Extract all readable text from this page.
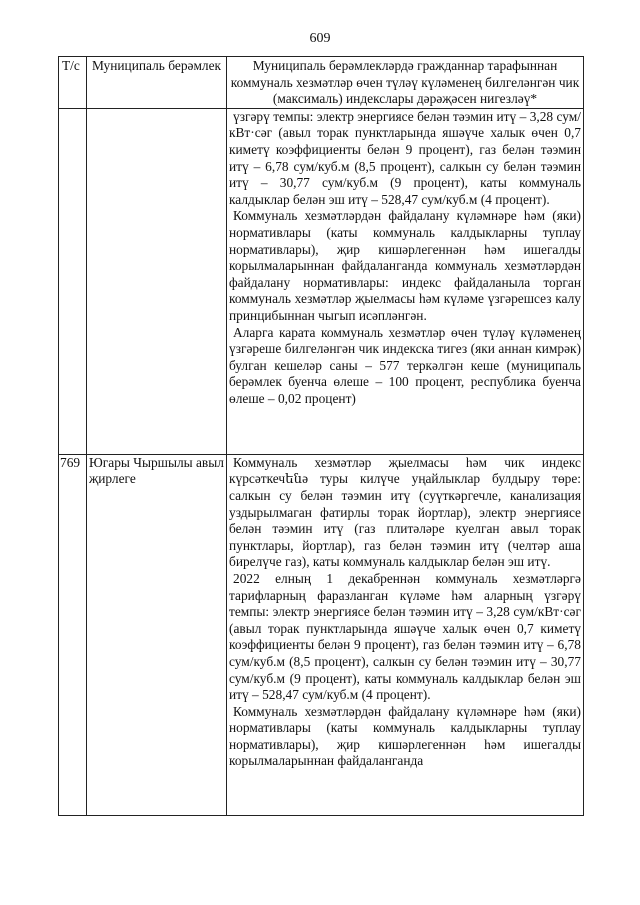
609
Т/с	Муниципаль берәмлек	Муниципаль берәмлекләрдә гражданнар тарафыннан коммуналь хезмәтләр өчен түләү күләменең билгеләнгән чик (максималь) индекслары дәрәҗәсен нигезләү*

		үзгәрү темпы: электр энергиясе белән тәэмин итү – 3,28 сум/кВт·сәг (авыл торак пунктларында яшәүче халык өчен 0,7 киметү коэффициенты белән 9 процент), газ белән тәэмин итү – 6,78 сум/куб.м (8,5 процент), салкын су белән тәэмин итү – 30,77 сум/куб.м (9 процент), каты коммуналь калдыклар белән эш итү – 528,47 сум/куб.м (4 процент).

Коммуналь хезмәтләрдән файдалану күләмнәре һәм (яки) нормативлары (каты коммуналь калдыкларны туплау нормативлары), җир кишәрлегеннән һәм ишегалды корылмаларыннан файдаланганда коммуналь хезмәтләрдән файдалану нормативлары: индекс файдаланыла торган коммуналь хезмәтләр җыелмасы һәм күләме үзгәрешсез калу принцибыннан чыгып исәпләнгән.

Аларга карата коммуналь хезмәтләр өчен түләү күләменең үзгәреше билгеләнгән чик индекска тигез (яки аннан кимрәк) булган кешеләр саны – 577 теркәлгән кеше (муниципаль берәмлек буенча өлеше – 100 процент, республика буенча өлеше – 0,02 процент)

769	Югары Чыршылы авыл җирлеге	Коммуналь хезмәтләр җыелмасы һәм чик индекс күрсәткечենә туры килүче уңайлыклар булдыру төре: салкын су белән тәэмин итү (суүткәргечле, канализация уздырылмаган фатирлы торак йортлар), электр энергиясе белән тәэмин итү (газ плитәләре куелган авыл торак пунктлары, йортлар), газ белән тәэмин итү (челтәр аша бирелүче газ), каты коммуналь калдыклар белән эш итү.

2022 елның 1 декабреннән коммуналь хезмәтләргә тарифларның фаразланган күләме һәм аларның үзгәрү темпы: электр энергиясе белән тәэмин итү – 3,28 сум/кВт·сәг (авыл торак пунктларында яшәүче халык өчен 0,7 киметү коэффициенты белән 9 процент), газ белән тәэмин итү – 6,78 сум/куб.м (8,5 процент), салкын су белән тәэмин итү – 30,77 сум/куб.м (9 процент), каты коммуналь калдыклар белән эш итү – 528,47 сум/куб.м (4 процент).

Коммуналь хезмәтләрдән файдалану күләмнәре һәм (яки) нормативлары (каты коммуналь калдыкларны туплау нормативлары), җир кишәрлегеннән һәм ишегалды корылмаларыннан файдаланганда
